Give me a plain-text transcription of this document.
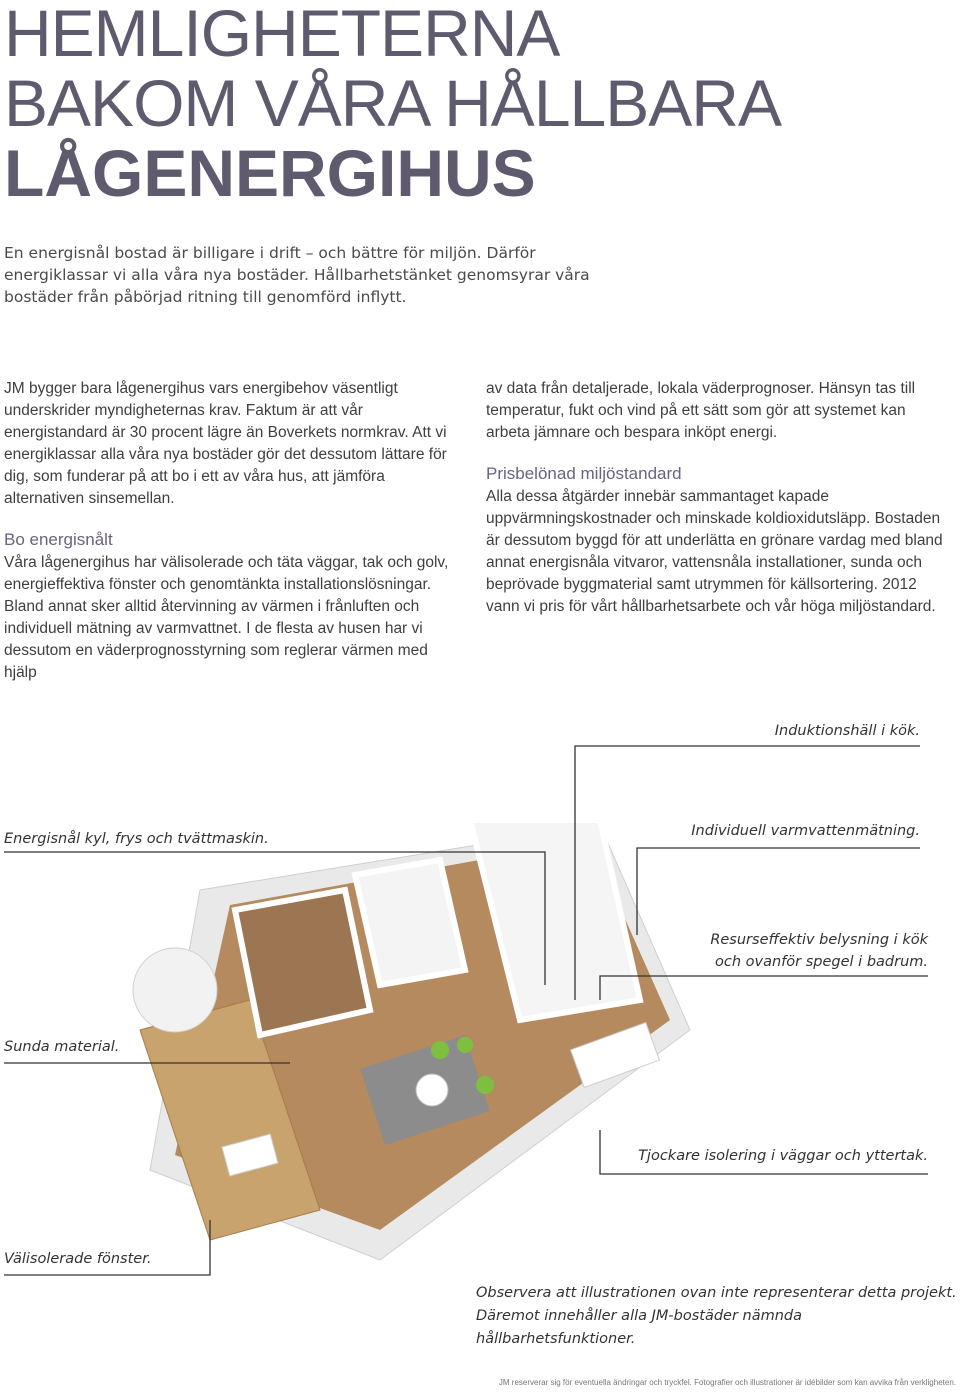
HEMLIGHETERNA
BAKOM VÅRA HÅLLBARA
LÅGENERGIHUS

En energisnål bostad är billigare i drift – och bättre för miljön. Därför energiklassar vi alla våra nya bostäder. Hållbarhetstänket genomsyrar våra bostäder från påbörjad ritning till genomförd inflytt.

JM bygger bara lågenergihus vars energibehov väsentligt underskrider myndigheternas krav. Faktum är att vår energistandard är 30 procent lägre än Boverkets normkrav. Att vi energiklassar alla våra nya bostäder gör det dessutom lättare för dig, som funderar på att bo i ett av våra hus, att jämföra alternativen sinsemellan.

Bo energisnålt

Våra lågenergihus har välisolerade och täta väggar, tak och golv, energieffektiva fönster och genomtänkta installationslösningar. Bland annat sker alltid återvinning av värmen i frånluften och individuell mätning av varmvattnet. I de flesta av husen har vi dessutom en väderprognosstyrning som reglerar värmen med hjälp

av data från detaljerade, lokala väderprognoser. Hänsyn tas till temperatur, fukt och vind på ett sätt som gör att systemet kan arbeta jämnare och bespara inköpt energi.

Prisbelönad miljöstandard

Alla dessa åtgärder innebär sammantaget kapade uppvärmningskostnader och minskade koldioxidutsläpp. Bostaden är dessutom byggd för att underlätta en grönare vardag med bland annat energisnåla vitvaror, vattensnåla installationer, sunda och beprövade byggmaterial samt utrymmen för källsortering. 2012 vann vi pris för vårt hållbarhetsarbete och vår höga miljöstandard.

Induktionshäll i kök.
Energisnål kyl, frys och tvättmaskin.	Individuell varmvattenmätning.
Resurseffektiv belysning i kök
och ovanför spegel i badrum.
Sunda material.
Tjockare isolering i väggar och yttertak.
Välisolerade fönster.
Observera att illustrationen ovan inte representerar detta projekt.
Däremot innehåller alla JM-bostäder nämnda hållbarhetsfunktioner.
JM reserverar sig för eventuella ändringar och tryckfel. Fotografier och illustrationer är idébilder som kan avvika från verkligheten.
